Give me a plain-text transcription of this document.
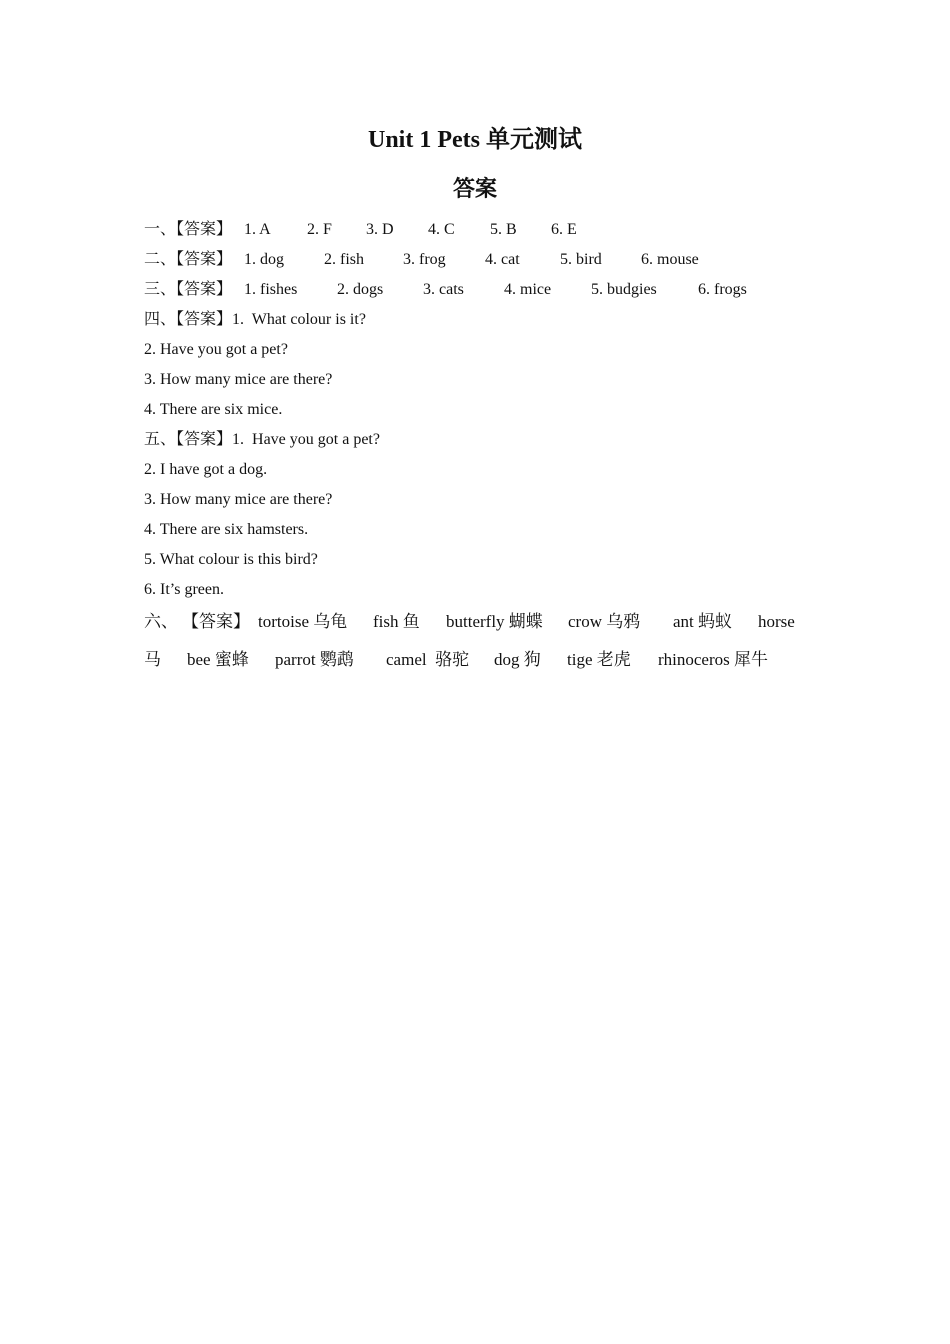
Unit 1 Pets 单元测试
答案
一、【答案】 1. A 2. F 3. D 4. C 5. B 6. E
二、【答案】 1. dog	2. fish 3. frog 4. cat	5. bird 6. mouse
三、【答案】 1. fishes 2. dogs 3. cats	4. mice 5. budgies	6. frogs
四、【答案】1.  What colour is it?
2. Have you got a pet?
3. How many mice are there?
4. There are six mice.
五、【答案】1.  Have you got a pet?
2. I have got a dog.
3. How many mice are there?
4. There are six hamsters.
5. What colour is this bird?
6. It’s green.
六、 【答案】 tortoise 乌龟 fish 鱼 butterfly 蝴蝶 crow 乌鸦 ant 蚂蚁 horse
马 bee 蜜蜂 parrot 鹦鹉 camel  骆驼 dog 狗 tige 老虎 rhinoceros 犀牛
